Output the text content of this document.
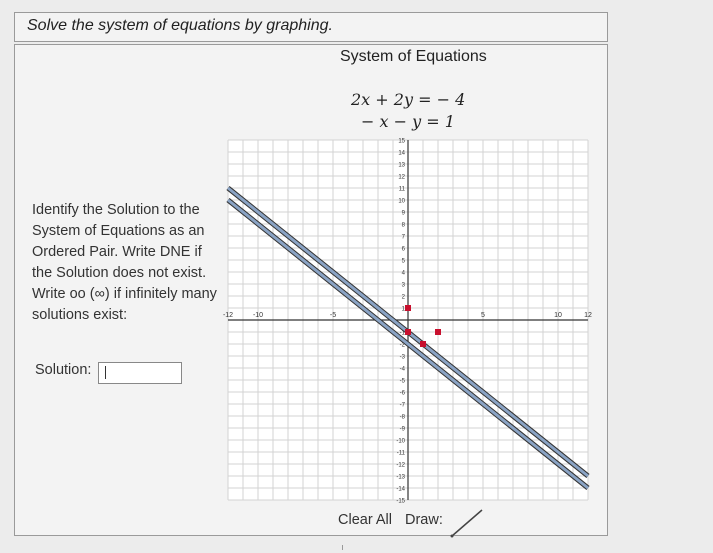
Solve the system of equations by graphing.
System of Equations
2x + 2y = − 4
− x − y = 1
Identify the Solution to the System of Equations as an Ordered Pair. Write DNE if the Solution does not exist. Write oo (∞) if infinitely many solutions exist:
Solution:
-12	-10	-5	5	10	12
15
14
13
12
11
10
9
8
7
6
5
4
3
2
1
-1
-2
-3
-4
-5
-6
-7
-8
-9
-10
-11
-12
-13
-14
-15
Clear All Draw:
